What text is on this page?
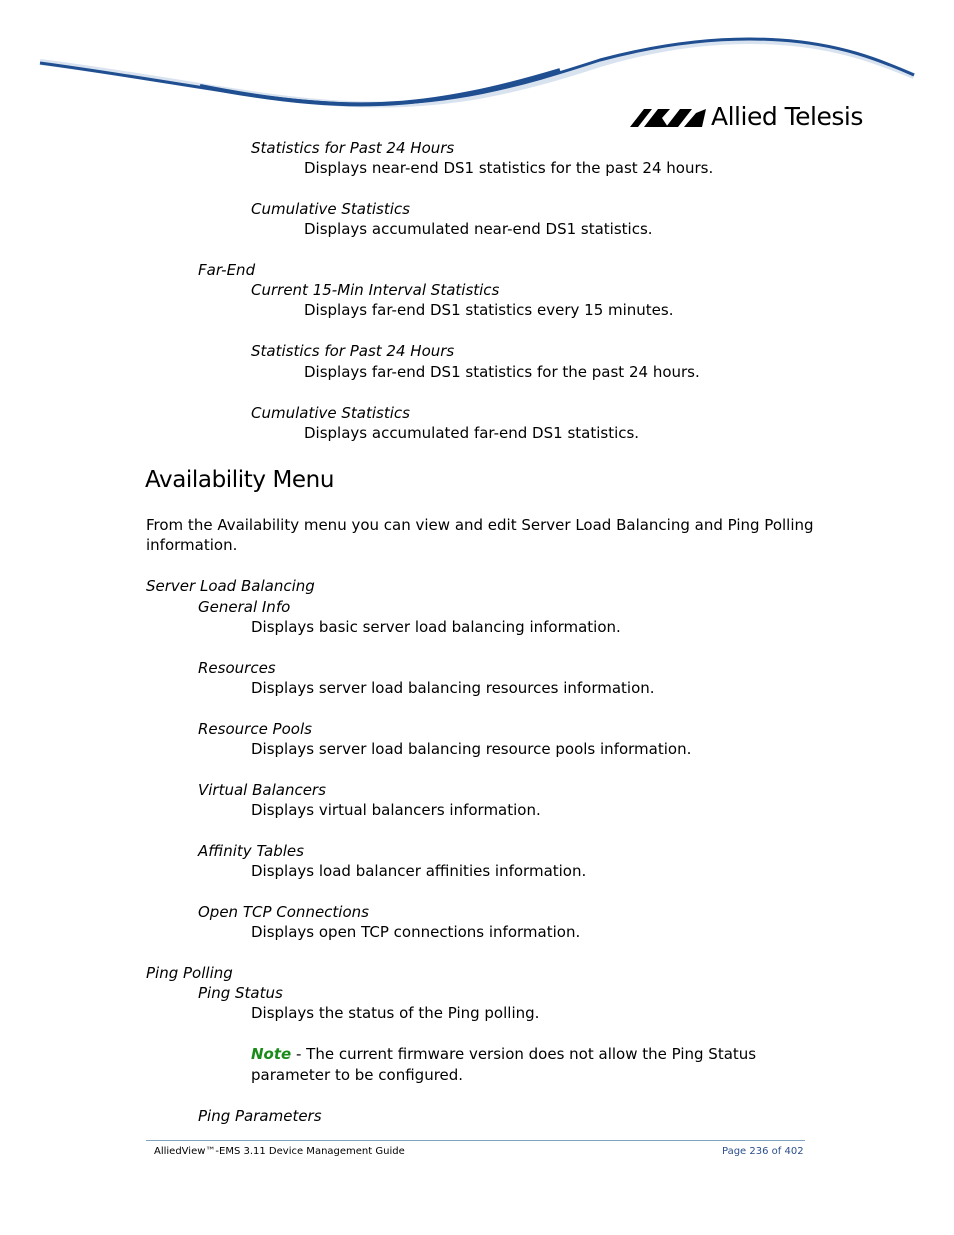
Allied Telesis
Statistics for Past 24 Hours
Displays near-end DS1 statistics for the past 24 hours.
Cumulative Statistics
Displays accumulated near-end DS1 statistics.
Far-End
Current 15-Min Interval Statistics
Displays far-end DS1 statistics every 15 minutes.
Statistics for Past 24 Hours
Displays far-end DS1 statistics for the past 24 hours.
Cumulative Statistics
Displays accumulated far-end DS1 statistics.
Availability Menu
From the Availability menu you can view and edit Server Load Balancing and Ping Polling
information.
Server Load Balancing
General Info
Displays basic server load balancing information.
Resources
Displays server load balancing resources information.
Resource Pools
Displays server load balancing resource pools information.
Virtual Balancers
Displays virtual balancers information.
Affinity Tables
Displays load balancer affinities information.
Open TCP Connections
Displays open TCP connections information.
Ping Polling
Ping Status
Displays the status of the Ping polling.
Note - The current firmware version does not allow the Ping Status
parameter to be configured.
Ping Parameters
AlliedView™-EMS 3.11 Device Management Guide	Page 236 of 402
